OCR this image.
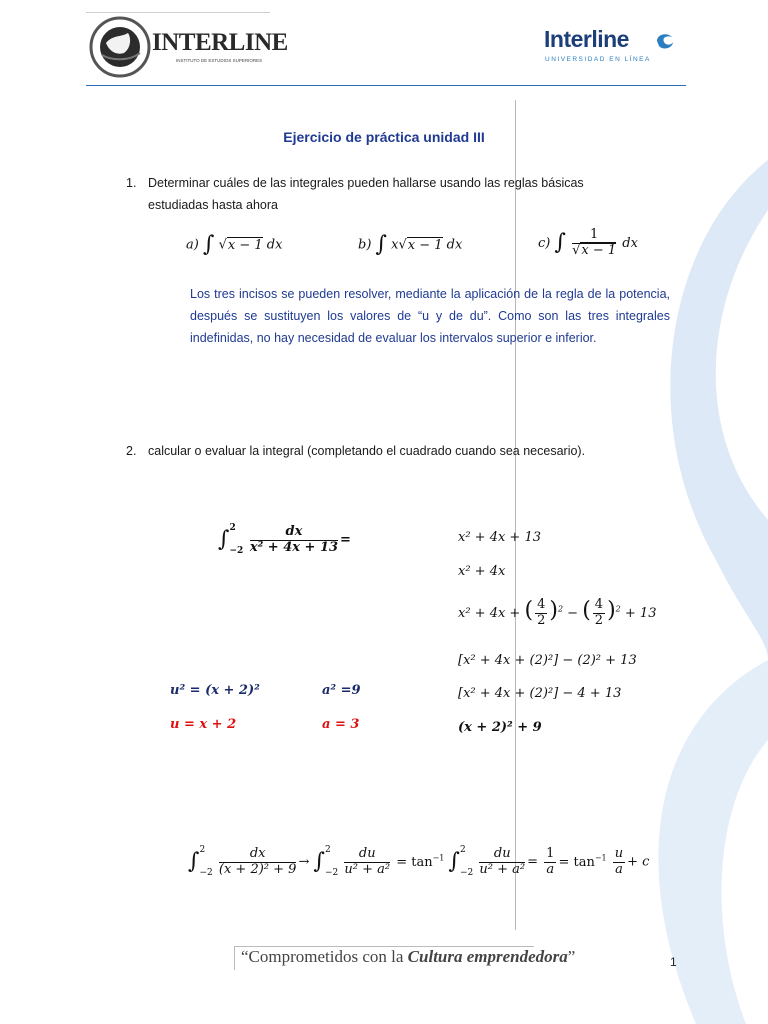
INTERLINE
INSTITUTO DE ESTUDIOS SUPERIORES
Interline
UNIVERSIDAD EN LÍNEA
Ejercicio de práctica unidad III
1. Determinar cuáles de las integrales pueden hallarse usando las reglas básicas
estudiadas hasta ahora
a) ∫ √x − 1 dx	b) ∫ x√x − 1 dx	c) ∫ $\frac{1}{√x - 1}$ dx
Los tres incisos se pueden resolver, mediante la aplicación de la regla de la potencia, después se sustituyen los valores de “u y de du”. Como son las tres integrales indefinidas, no hay necesidad de evaluar los intervalos superior e inferior.
2. calcular o evaluar la integral (completando el cuadrado cuando sea necesario).
∫ 2
−2
$\frac{dx}{\text{x² + 4x + 13}}$ =	x² + 4x + 13
x² + 4x
x² + 4x + ( $\frac{4}{2} )^2$ − ( $\frac{4}{2} )^2 + 13$
[x² + 4x + (2)²] − (2)² + 13
[x² + 4x + (2)²] − 4 + 13
(x + 2)² + 9
u² = (x + 2)²	a² =9
u = x + 2	a = 3
∫ 2
−2
$\frac{dx}{\text{(x + 2)² + 9}}$ → ∫ 2
−2
$\frac{du}{\text{u² + a²}} = \tan^{-1}$ ∫ 2
−2
$\frac{du}{\text{u² + a²}} = \frac{1}{a} = \tan^{-1} \frac{u}{a} + c$
“Comprometidos con la Cultura emprendedora”	1
